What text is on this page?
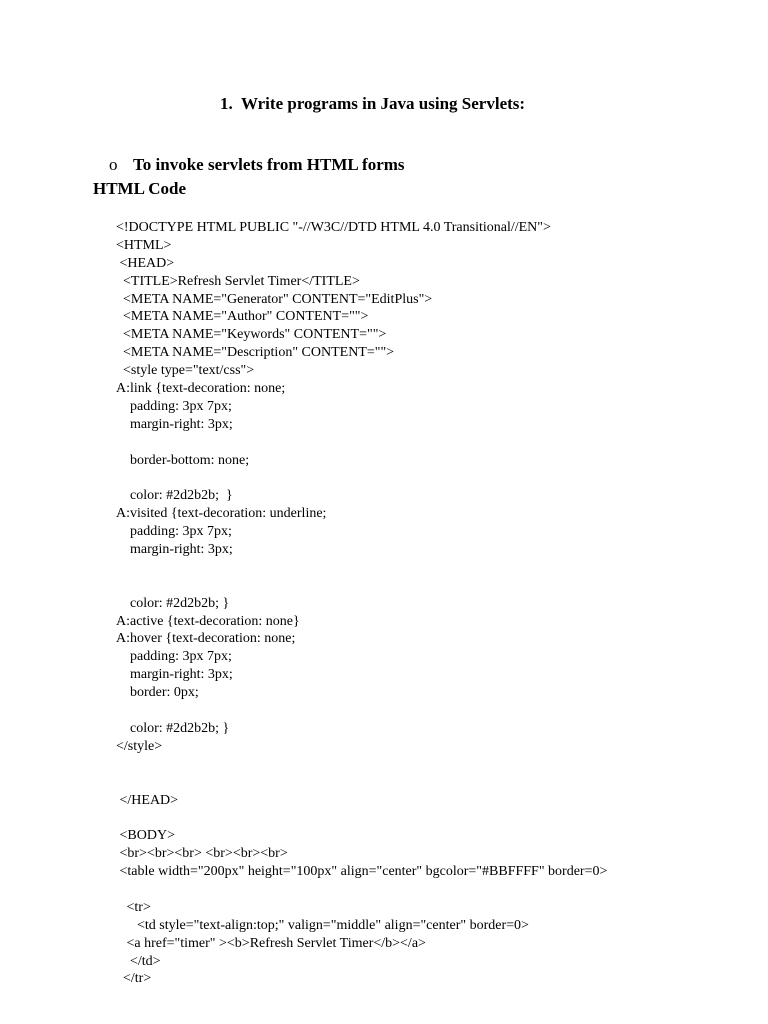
1.  Write programs in Java using Servlets:

o To invoke servlets from HTML forms

HTML Code
<!DOCTYPE HTML PUBLIC "-//W3C//DTD HTML 4.0 Transitional//EN">
<HTML>
<HEAD>
<TITLE>Refresh Servlet Timer</TITLE>
<META NAME="Generator" CONTENT="EditPlus">
<META NAME="Author" CONTENT="">
<META NAME="Keywords" CONTENT="">
<META NAME="Description" CONTENT="">
<style type="text/css">
A:link {text-decoration: none;
padding: 3px 7px;
margin-right: 3px;
border-bottom: none;
color: #2d2b2b;  }
A:visited {text-decoration: underline;
padding: 3px 7px;
margin-right: 3px;
color: #2d2b2b; }
A:active {text-decoration: none}
A:hover {text-decoration: none;
padding: 3px 7px;
margin-right: 3px;
border: 0px;
color: #2d2b2b; }
</style>
</HEAD>
<BODY>
<br><br><br> <br><br><br>
<table width="200px" height="100px" align="center" bgcolor="#BBFFFF" border=0>
<tr>
<td style="text-align:top;" valign="middle" align="center" border=0>
<a href="timer" ><b>Refresh Servlet Timer</b></a>
</td>
</tr>
